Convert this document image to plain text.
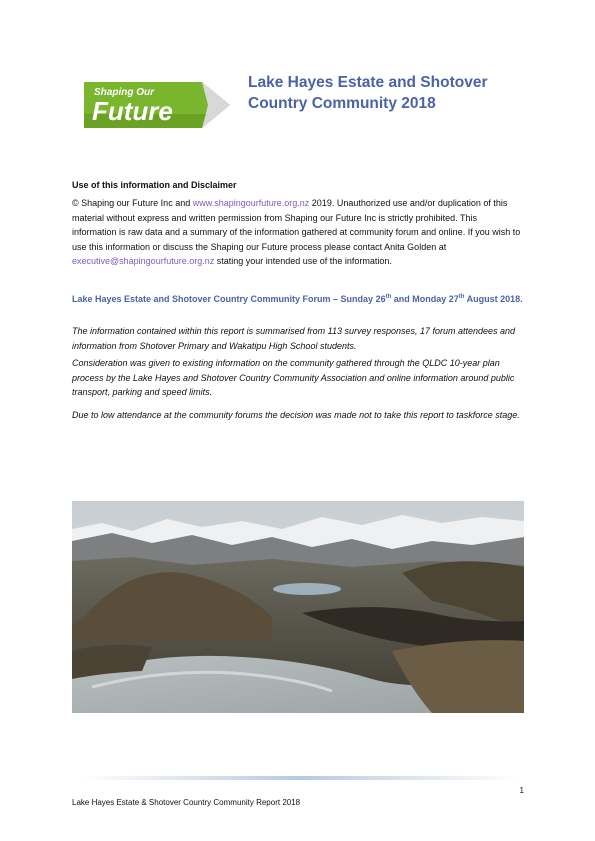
Shaping Our
Future
Lake Hayes Estate and Shotover
Country Community 2018
Use of this information and Disclaimer
© Shaping our Future Inc and www.shapingourfuture.org.nz 2019. Unauthorized use and/or duplication of this material without express and written permission from Shaping our Future Inc is strictly prohibited. This information is raw data and a summary of the information gathered at community forum and online. If you wish to use this information or discuss the Shaping our Future process please contact Anita Golden at executive@shapingourfuture.org.nz stating your intended use of the information.
Lake Hayes Estate and Shotover Country Community Forum – Sunday 26th and Monday 27th August 2018.
The information contained within this report is summarised from 113 survey responses, 17 forum attendees and information from Shotover Primary and Wakatipu High School students.
Consideration was given to existing information on the community gathered through the QLDC 10-year plan process by the Lake Hayes and Shotover Country Community Association and online information around public transport, parking and speed limits.
Due to low attendance at the community forums the decision was made not to take this report to taskforce stage.
1
Lake Hayes Estate & Shotover Country Community Report 2018
